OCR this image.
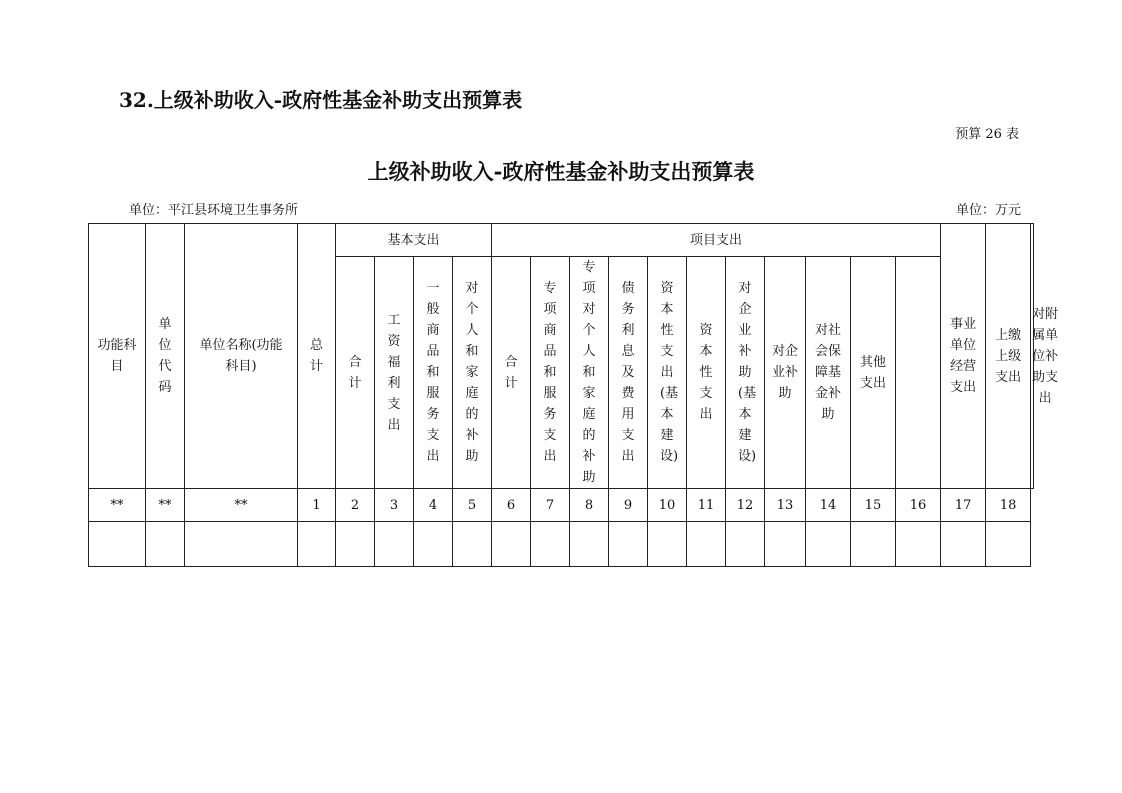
32.上级补助收入-政府性基金补助支出预算表
预算 26 表
上级补助收入-政府性基金补助支出预算表
单位：平江县环境卫生事务所	单位：万元
功能科目	单位代码	单位名称(功能科目)	总计	基本支出				项目支出											事业单位经营支出	上缴上级支出	对附属单位补助支出
				合计	工资福利支出	一般商品和服务支出	对个人和家庭的补助	合计	专项商品和服务支出	专项对个人和家庭的补助	债务利息及费用支出	资本性支出(基本建设)	资本性支出	对企业补助(基本建设)	对企业补助	对社会保障基金补助	其他支出				
**	**	**	1	2	3	4	5	6	7	8	9	10	11	12	13	14	15	16	17	18	
